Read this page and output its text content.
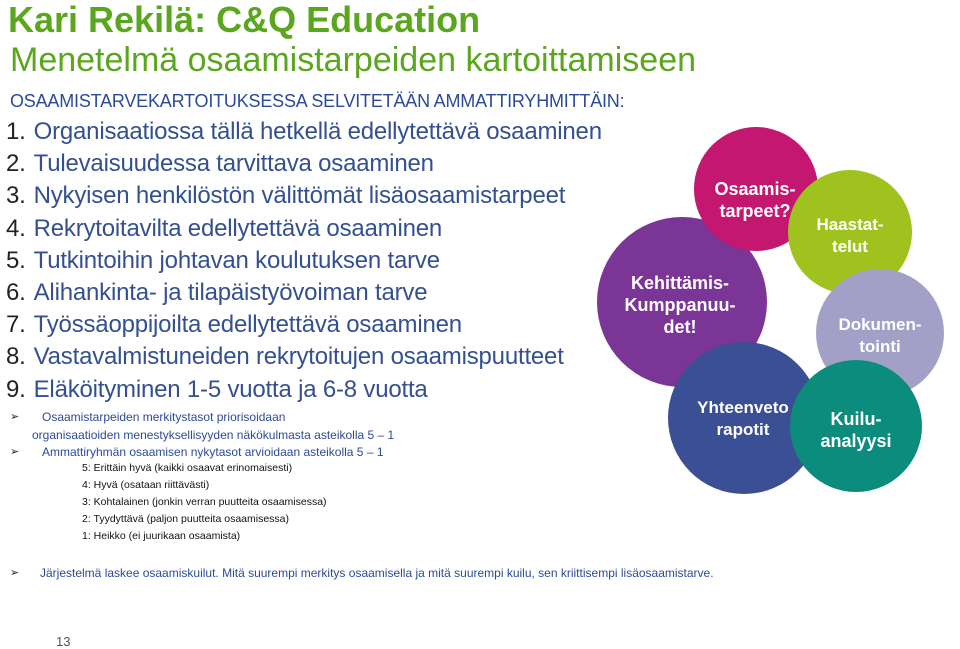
Kari Rekilä: C&Q Education
Menetelmä osaamistarpeiden kartoittamiseen
OSAAMISTARVEKARTOITUKSESSA SELVITETÄÄN AMMATTIRYHMITTÄIN:
1. Organisaatiossa tällä hetkellä edellytettävä osaaminen
2. Tulevaisuudessa tarvittava osaaminen
3. Nykyisen henkilöstön välittömät lisäosaamistarpeet
4. Rekrytoitavilta edellytettävä osaaminen
5. Tutkintoihin johtavan koulutuksen tarve
6. Alihankinta- ja tilapäistyövoiman tarve
7. Työssäoppijoilta edellytettävä osaaminen
8. Vastavalmistuneiden rekrytoitujen osaamispuutteet
9. Eläköityminen 1-5 vuotta ja 6-8 vuotta
➢ Osaamistarpeiden merkitystasot priorisoidaan
organisaatioiden menestyksellisyyden näkökulmasta asteikolla 5 – 1
➢ Ammattiryhmän osaamisen nykytasot arvioidaan asteikolla 5 – 1
5: Erittäin hyvä (kaikki osaavat erinomaisesti)
4: Hyvä (osataan riittävästi)
3: Kohtalainen (jonkin verran puutteita osaamisessa)
2: Tyydyttävä (paljon puutteita osaamisessa)
1: Heikko (ei juurikaan osaamista)
➢ Järjestelmä laskee osaamiskuilut. Mitä suurempi merkitys osaamisella ja mitä suurempi kuilu, sen kriittisempi lisäosaamistarve.
13
Kehittämis-
Kumppanuu-
det!
Osaamis-
tarpeet?
Haastat-
telut
Dokumen-
tointi
Yhteenveto
rapotit
Kuilu-
analyysi
